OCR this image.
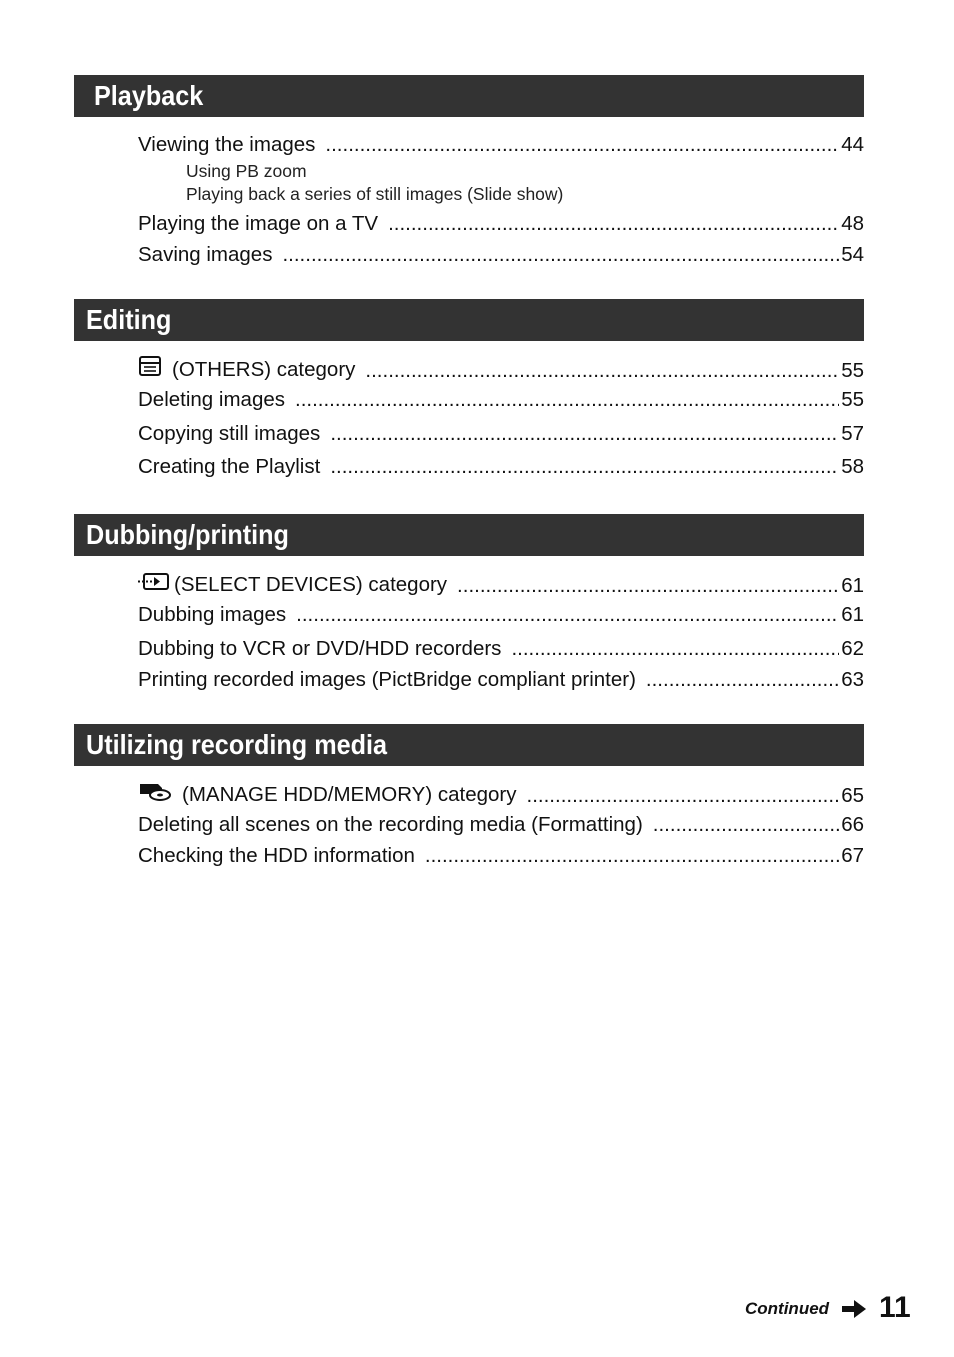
Playback
Viewing the images .....	44
Using PB zoom
Playing back a series of still images (Slide show)
Playing the image on a TV .....	48
Saving images .....	54
Editing
(OTHERS) category .....	55
Deleting images .....	55
Copying still images .....	57
Creating the Playlist .....	58
Dubbing/printing
(SELECT DEVICES) category .....	61
Dubbing images .....	61
Dubbing to VCR or DVD/HDD recorders .....	62
Printing recorded images (PictBridge compliant printer) .....	63
Utilizing recording media
(MANAGE HDD/MEMORY) category .....	65
Deleting all scenes on the recording media (Formatting) .....	66
Checking the HDD information .....	67
Continued 11
